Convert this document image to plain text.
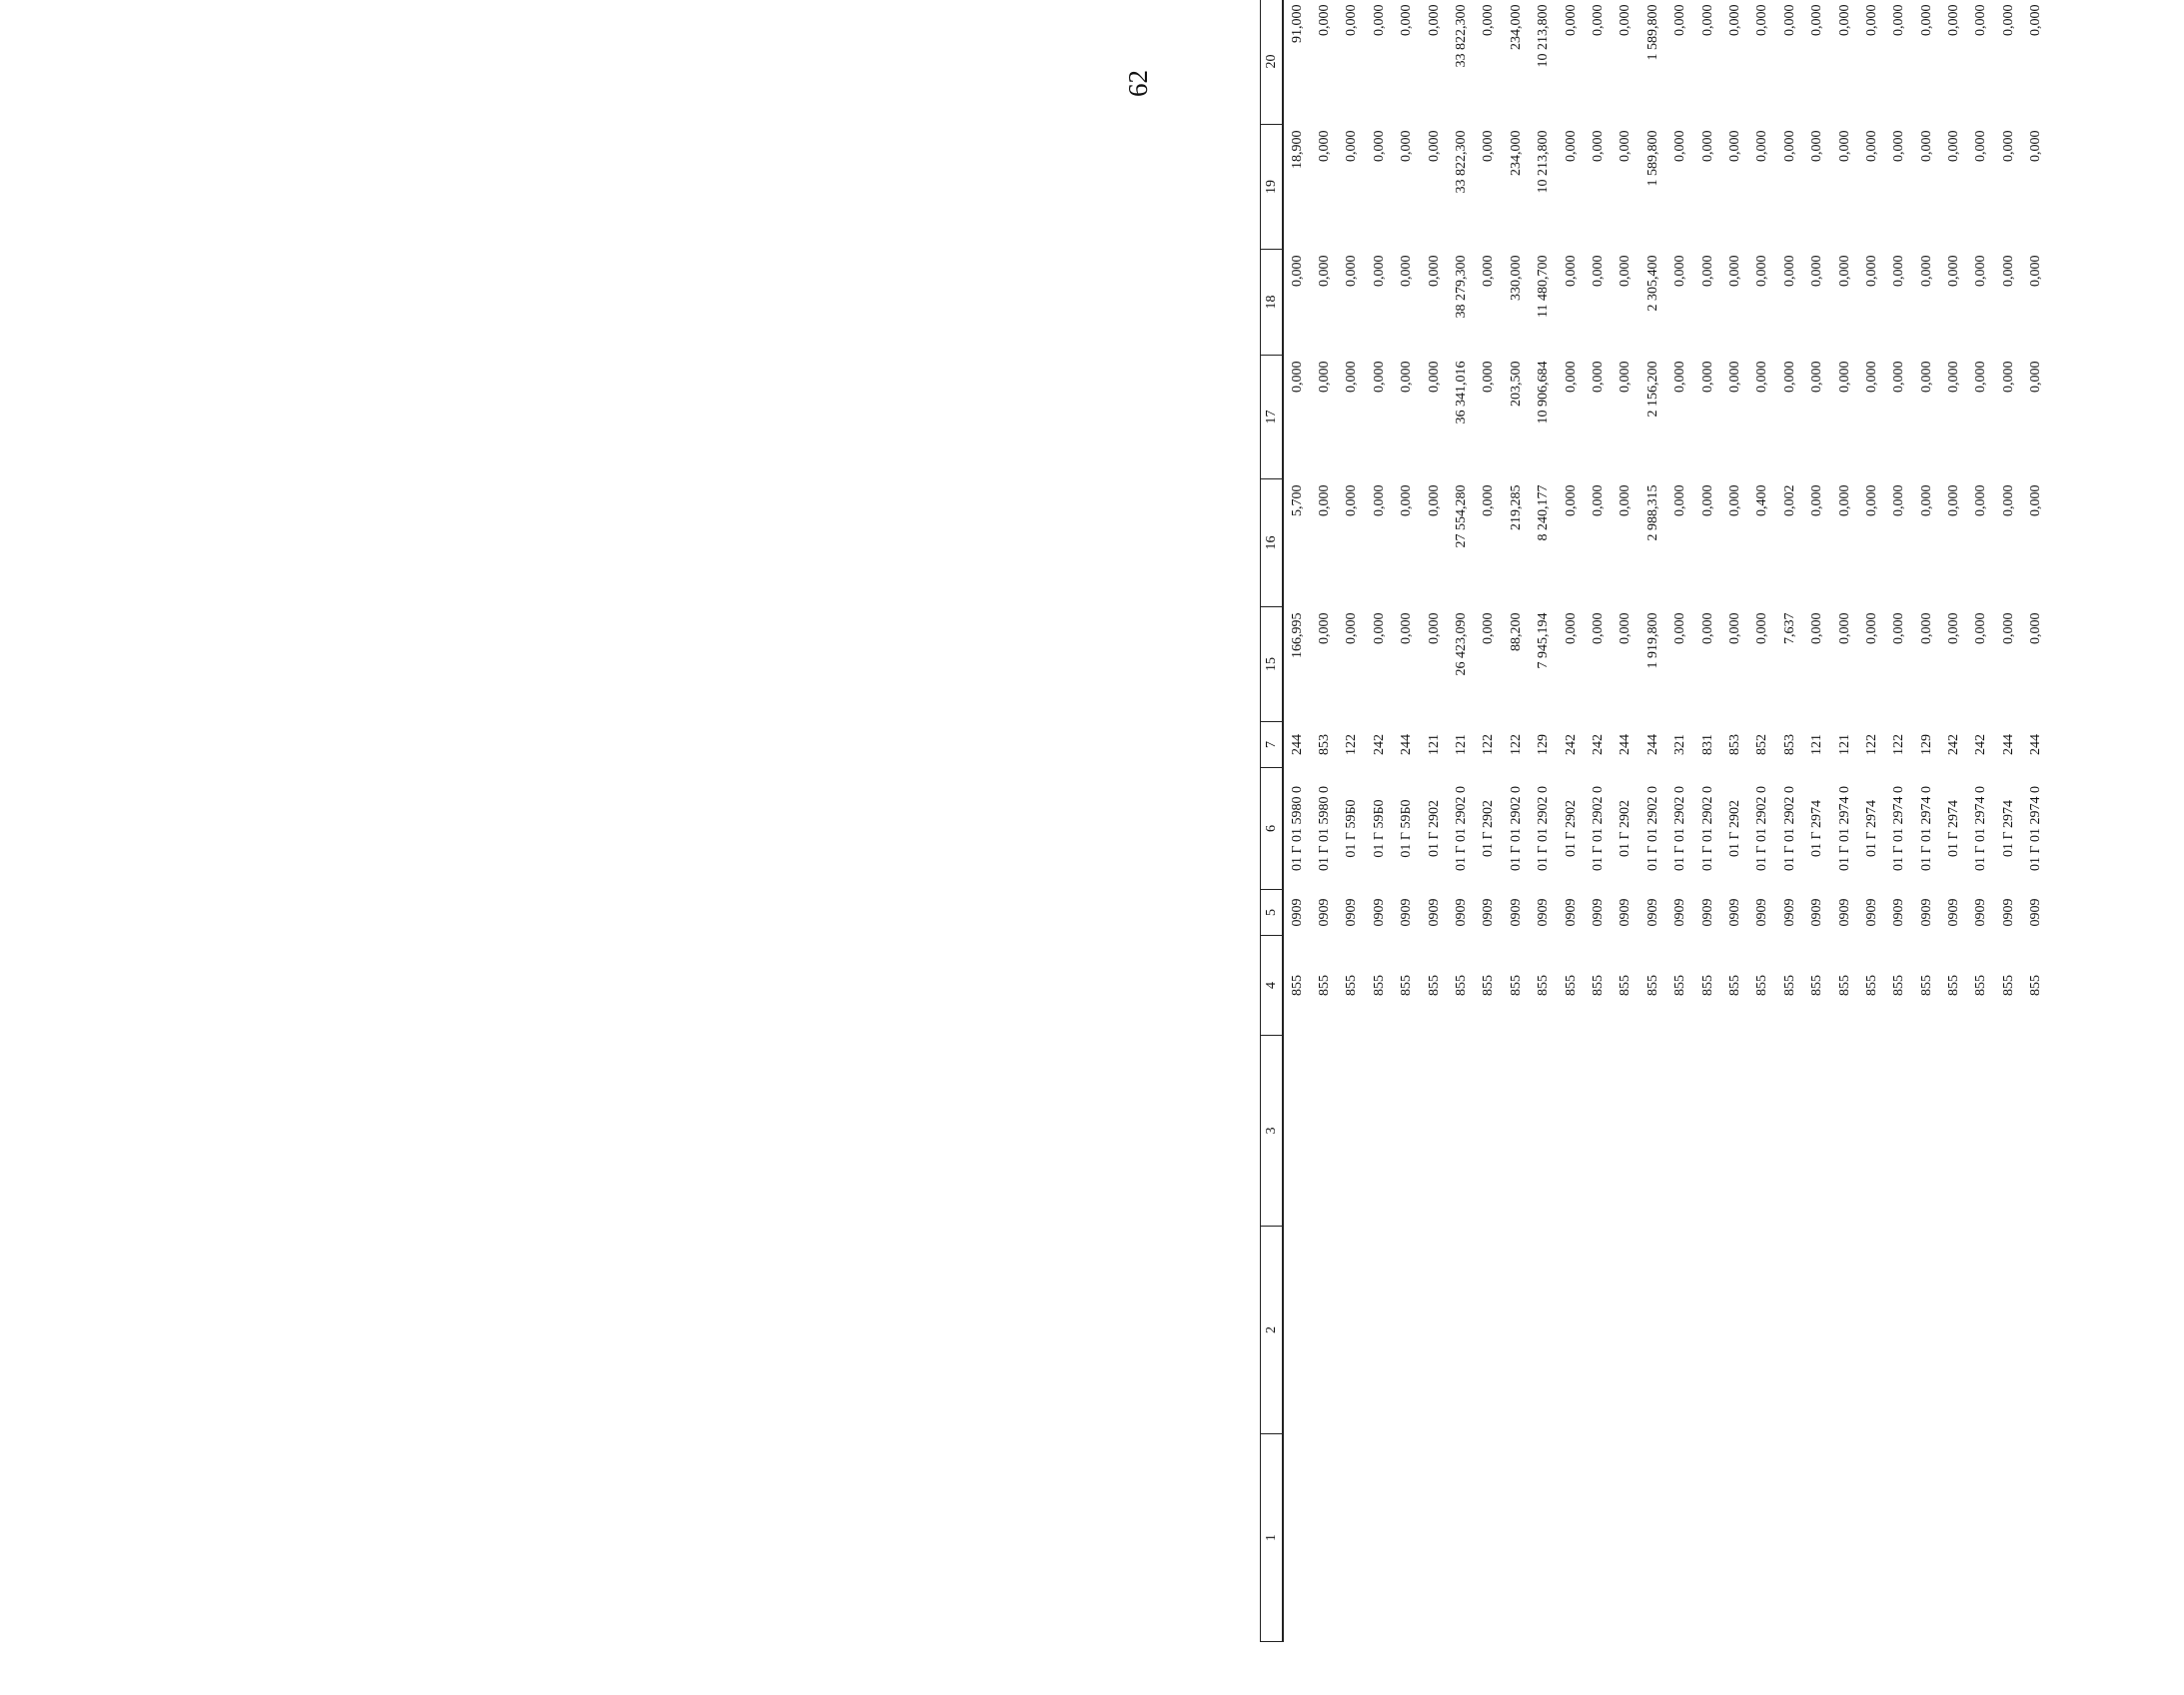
62
1	2	3	4	5	6	7	15	16	17	18	19	20
			855	0909	01 Г 01 5980 0	244	166,995	5,700	0,000	0,000	18,900	91,000
			855	0909	01 Г 01 5980 0	853	0,000	0,000	0,000	0,000	0,000	0,000
			855	0909	01 Г 59Б0	122	0,000	0,000	0,000	0,000	0,000	0,000
			855	0909	01 Г 59Б0	242	0,000	0,000	0,000	0,000	0,000	0,000
			855	0909	01 Г 59Б0	244	0,000	0,000	0,000	0,000	0,000	0,000
			855	0909	01 Г 2902	121	0,000	0,000	0,000	0,000	0,000	0,000
			855	0909	01 Г 01 2902 0	121	26 423,090	27 554,280	36 341,016	38 279,300	33 822,300	33 822,300
			855	0909	01 Г 2902	122	0,000	0,000	0,000	0,000	0,000	0,000
			855	0909	01 Г 01 2902 0	122	88,200	219,285	203,500	330,000	234,000	234,000
			855	0909	01 Г 01 2902 0	129	7 945,194	8 240,177	10 906,684	11 480,700	10 213,800	10 213,800
			855	0909	01 Г 2902	242	0,000	0,000	0,000	0,000	0,000	0,000
			855	0909	01 Г 01 2902 0	242	0,000	0,000	0,000	0,000	0,000	0,000
			855	0909	01 Г 2902	244	0,000	0,000	0,000	0,000	0,000	0,000
			855	0909	01 Г 01 2902 0	244	1 919,800	2 988,315	2 156,200	2 305,400	1 589,800	1 589,800
			855	0909	01 Г 01 2902 0	321	0,000	0,000	0,000	0,000	0,000	0,000
			855	0909	01 Г 01 2902 0	831	0,000	0,000	0,000	0,000	0,000	0,000
			855	0909	01 Г 2902	853	0,000	0,000	0,000	0,000	0,000	0,000
			855	0909	01 Г 01 2902 0	852	0,000	0,400	0,000	0,000	0,000	0,000
			855	0909	01 Г 01 2902 0	853	7,637	0,002	0,000	0,000	0,000	0,000
			855	0909	01 Г 2974	121	0,000	0,000	0,000	0,000	0,000	0,000
			855	0909	01 Г 01 2974 0	121	0,000	0,000	0,000	0,000	0,000	0,000
			855	0909	01 Г 2974	122	0,000	0,000	0,000	0,000	0,000	0,000
			855	0909	01 Г 01 2974 0	122	0,000	0,000	0,000	0,000	0,000	0,000
			855	0909	01 Г 01 2974 0	129	0,000	0,000	0,000	0,000	0,000	0,000
			855	0909	01 Г 2974	242	0,000	0,000	0,000	0,000	0,000	0,000
			855	0909	01 Г 01 2974 0	242	0,000	0,000	0,000	0,000	0,000	0,000
			855	0909	01 Г 2974	244	0,000	0,000	0,000	0,000	0,000	0,000
			855	0909	01 Г 01 2974 0	244	0,000	0,000	0,000	0,000	0,000	0,000
